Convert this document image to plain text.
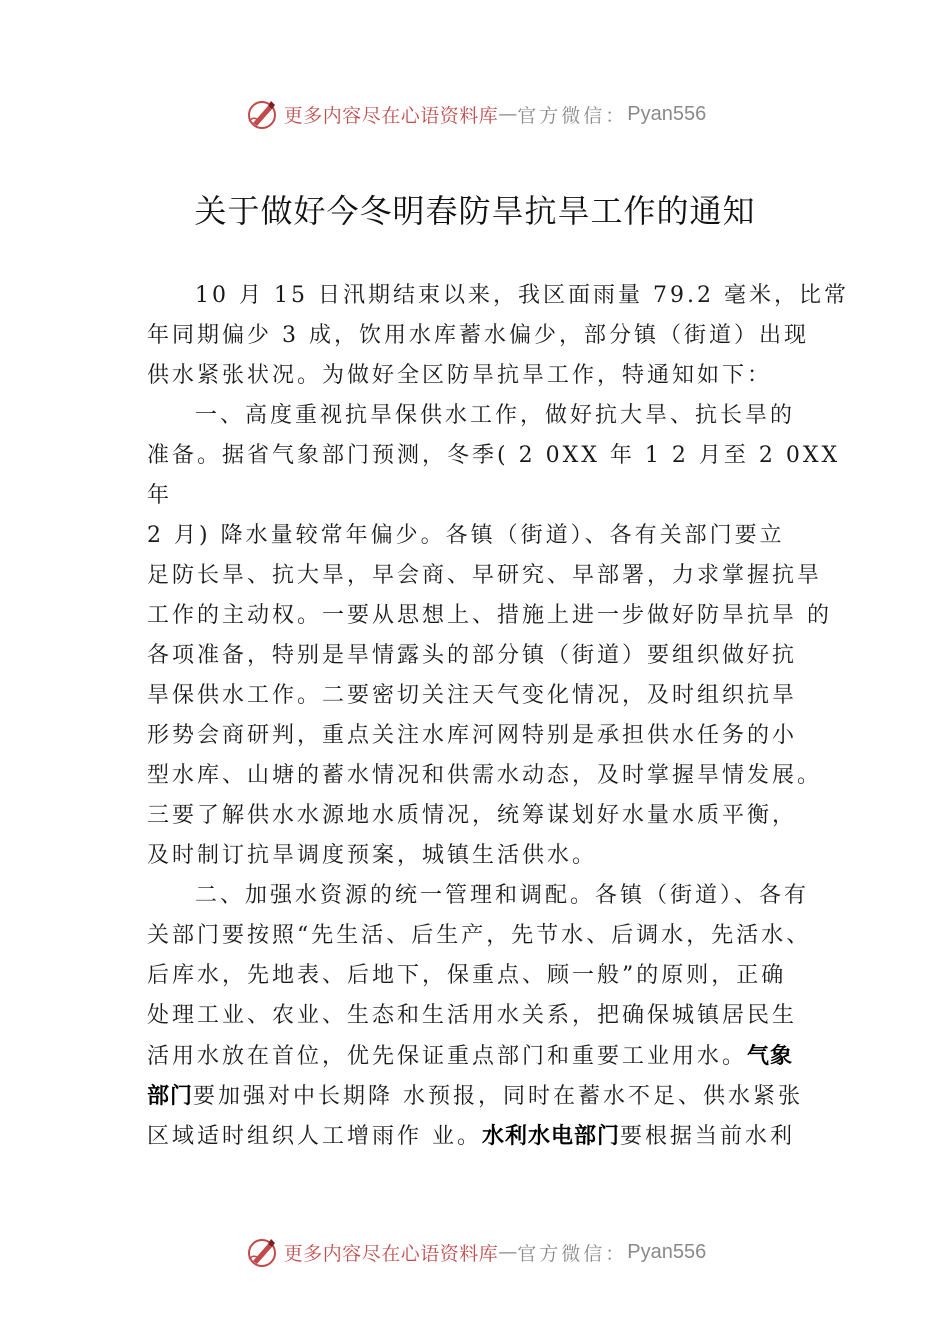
更多内容尽在心语资料库 — 官方微信： Pyan556
关于做好今冬明春防旱抗旱工作的通知
10 月 15 日汛期结束以来，我区面雨量 79.2 毫米，比常
年同期偏少 3 成，饮用水库蓄水偏少，部分镇（街道）出现
供水紧张状况。为做好全区防旱抗旱工作，特通知如下：
一、高度重视抗旱保供水工作，做好抗大旱、抗长旱的
准备。据省气象部门预测，冬季( 2 0XX 年 1 2 月至 2 0XX
年
2 月) 降水量较常年偏少。各镇（街道）、各有关部门要立
足防长旱、抗大旱，早会商、早研究、早部署，力求掌握抗旱
工作的主动权。一要从思想上、措施上进一步做好防旱抗旱 的
各项准备，特别是旱情露头的部分镇（街道）要组织做好抗
旱保供水工作。二要密切关注天气变化情况，及时组织抗旱
形势会商研判，重点关注水库河网特别是承担供水任务的小
型水库、山塘的蓄水情况和供需水动态，及时掌握旱情发展。
三要了解供水水源地水质情况，统筹谋划好水量水质平衡，
及时制订抗旱调度预案，城镇生活供水。
二、加强水资源的统一管理和调配。各镇（街道）、各有
关部门要按照“先生活、后生产，先节水、后调水，先活水、
后库水，先地表、后地下，保重点、顾一般”的原则，正确
处理工业、农业、生态和生活用水关系，把确保城镇居民生
活用水放在首位，优先保证重点部门和重要工业用水。气象
部门要加强对中长期降 水预报，同时在蓄水不足、供水紧张
区域适时组织人工增雨作 业。水利水电部门要根据当前水利
更多内容尽在心语资料库 — 官方微信： Pyan556
